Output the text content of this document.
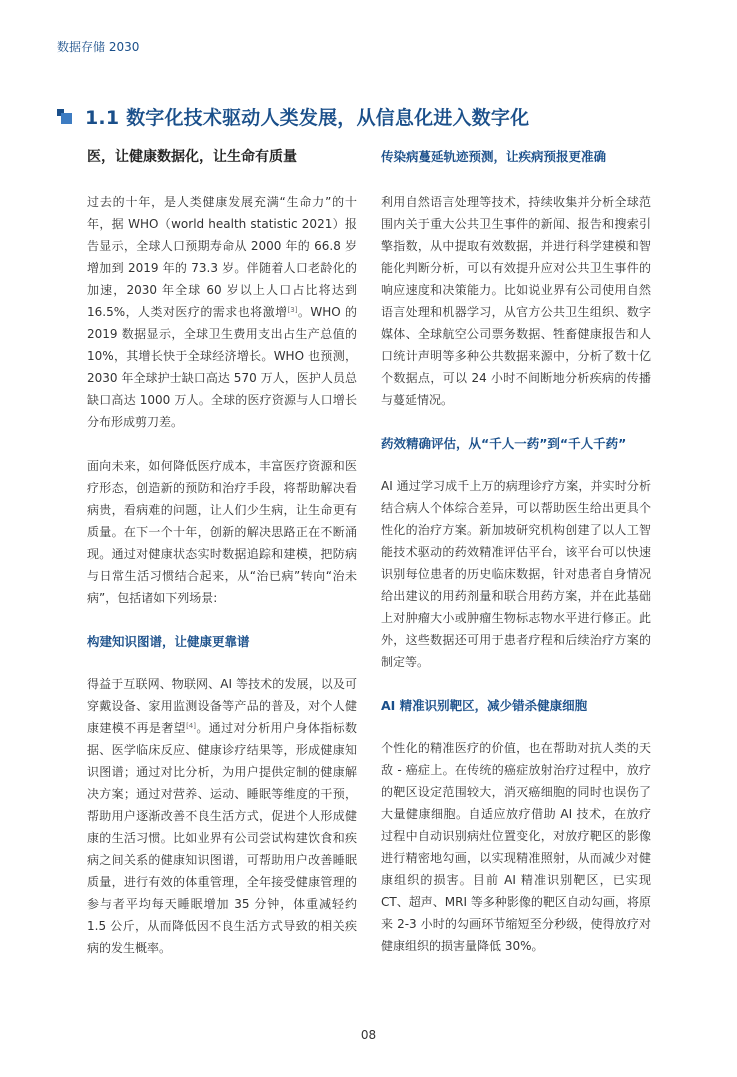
数据存储 2030
1.1 数字化技术驱动人类发展，从信息化进入数字化
医，让健康数据化，让生命有质量

过去的十年，是人类健康发展充满“生命力”的十年，据 WHO（world health statistic 2021）报告显示，全球人口预期寿命从 2000 年的 66.8 岁增加到 2019 年的 73.3 岁。伴随着人口老龄化的加速，2030 年全球 60 岁以上人口占比将达到 16.5%，人类对医疗的需求也将激增[3]。WHO 的 2019 数据显示，全球卫生费用支出占生产总值的 10%，其增长快于全球经济增长。WHO 也预测，2030 年全球护士缺口高达 570 万人，医护人员总缺口高达 1000 万人。全球的医疗资源与人口增长分布形成剪刀差。

面向未来，如何降低医疗成本，丰富医疗资源和医疗形态，创造新的预防和治疗手段，将帮助解决看病贵，看病难的问题，让人们少生病，让生命更有质量。在下一个十年，创新的解决思路正在不断涌现。通过对健康状态实时数据追踪和建模，把防病与日常生活习惯结合起来，从“治已病”转向“治未病”，包括诸如下列场景:

构建知识图谱，让健康更靠谱

得益于互联网、物联网、AI 等技术的发展，以及可穿戴设备、家用监测设备等产品的普及，对个人健康建模不再是奢望[4]。通过对分析用户身体指标数据、医学临床反应、健康诊疗结果等，形成健康知识图谱；通过对比分析，为用户提供定制的健康解决方案；通过对营养、运动、睡眠等维度的干预，帮助用户逐渐改善不良生活方式，促进个人形成健康的生活习惯。比如业界有公司尝试构建饮食和疾病之间关系的健康知识图谱，可帮助用户改善睡眠质量，进行有效的体重管理，全年接受健康管理的参与者平均每天睡眠增加 35 分钟，体重减轻约 1.5 公斤，从而降低因不良生活方式导致的相关疾病的发生概率。

传染病蔓延轨迹预测，让疾病预报更准确

利用自然语言处理等技术，持续收集并分析全球范围内关于重大公共卫生事件的新闻、报告和搜索引擎指数，从中提取有效数据，并进行科学建模和智能化判断分析，可以有效提升应对公共卫生事件的响应速度和决策能力。比如说业界有公司使用自然语言处理和机器学习，从官方公共卫生组织、数字媒体、全球航空公司票务数据、牲畜健康报告和人口统计声明等多种公共数据来源中，分析了数十亿个数据点，可以 24 小时不间断地分析疾病的传播与蔓延情况。

药效精确评估，从“千人一药”到“千人千药”

AI 通过学习成千上万的病理诊疗方案，并实时分析结合病人个体综合差异，可以帮助医生给出更具个性化的治疗方案。新加坡研究机构创建了以人工智能技术驱动的药效精准评估平台，该平台可以快速识别每位患者的历史临床数据，针对患者自身情况给出建议的用药剂量和联合用药方案，并在此基础上对肿瘤大小或肿瘤生物标志物水平进行修正。此外，这些数据还可用于患者疗程和后续治疗方案的制定等。

AI 精准识别靶区，减少错杀健康细胞

个性化的精准医疗的价值，也在帮助对抗人类的天敌 - 癌症上。在传统的癌症放射治疗过程中，放疗的靶区设定范围较大，消灭癌细胞的同时也误伤了大量健康细胞。自适应放疗借助 AI 技术，在放疗过程中自动识别病灶位置变化，对放疗靶区的影像进行精密地勾画，以实现精准照射，从而减少对健康组织的损害。目前 AI 精准识别靶区，已实现 CT、超声、MRI 等多种影像的靶区自动勾画，将原来 2-3 小时的勾画环节缩短至分秒级，使得放疗对健康组织的损害量降低 30%。

08
